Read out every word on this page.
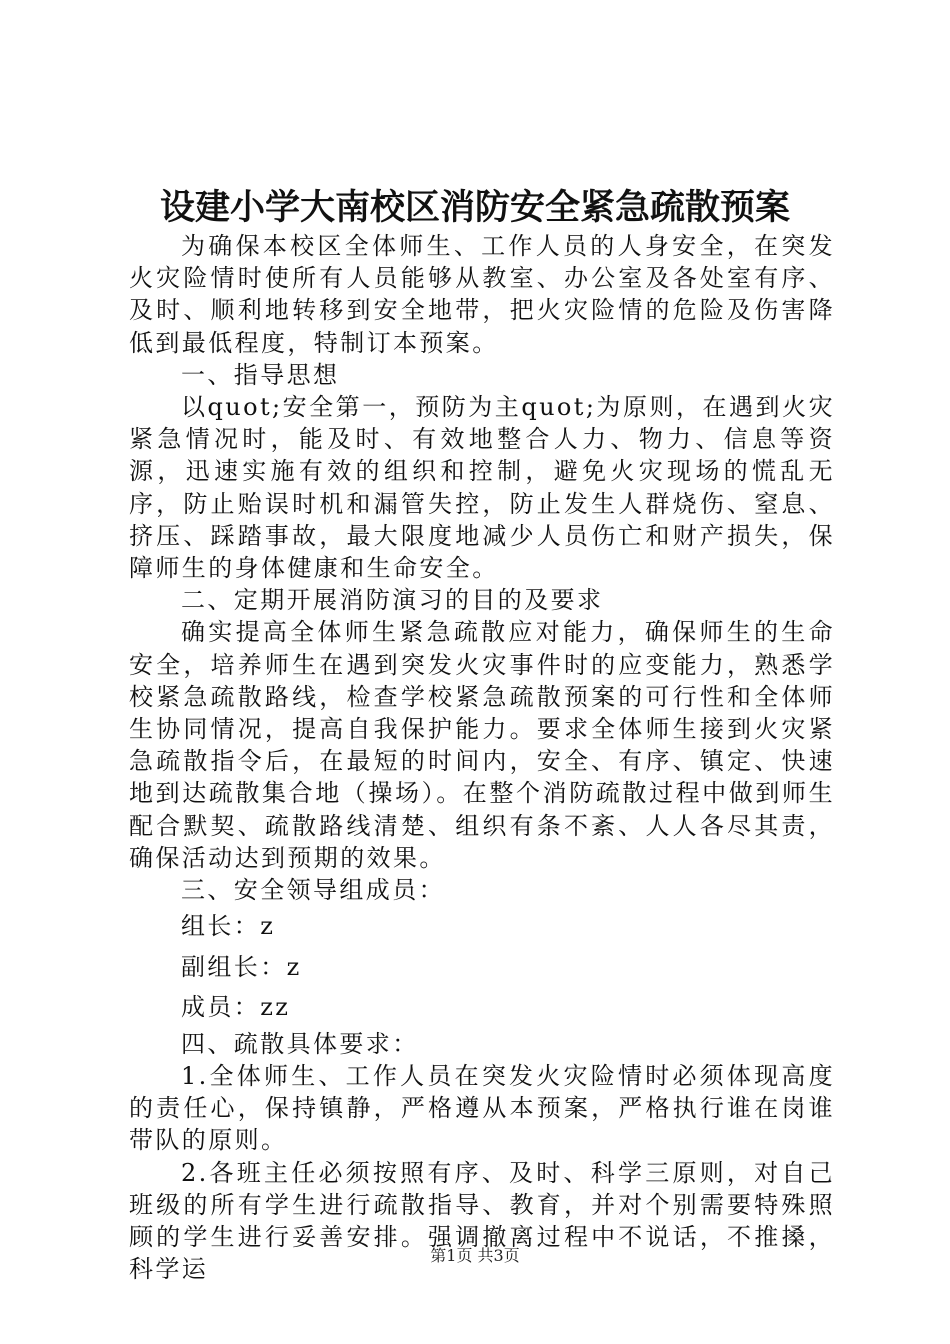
设建小学大南校区消防安全紧急疏散预案

为确保本校区全体师生、工作人员的人身安全，在突发火灾险情时使所有人员能够从教室、办公室及各处室有序、及时、顺利地转移到安全地带，把火灾险情的危险及伤害降低到最低程度，特制订本预案。

一、指导思想

以quot;安全第一，预防为主quot;为原则，在遇到火灾紧急情况时，能及时、有效地整合人力、物力、信息等资源，迅速实施有效的组织和控制，避免火灾现场的慌乱无序，防止贻误时机和漏管失控，防止发生人群烧伤、窒息、挤压、踩踏事故，最大限度地减少人员伤亡和财产损失，保障师生的身体健康和生命安全。

二、定期开展消防演习的目的及要求

确实提高全体师生紧急疏散应对能力，确保师生的生命安全，培养师生在遇到突发火灾事件时的应变能力，熟悉学校紧急疏散路线，检查学校紧急疏散预案的可行性和全体师生协同情况，提高自我保护能力。要求全体师生接到火灾紧急疏散指令后，在最短的时间内，安全、有序、镇定、快速地到达疏散集合地（操场）。在整个消防疏散过程中做到师生配合默契、疏散路线清楚、组织有条不紊、人人各尽其责，确保活动达到预期的效果。

三、安全领导组成员：

组长：z

副组长：z

成员：zz

四、疏散具体要求：

1.全体师生、工作人员在突发火灾险情时必须体现高度的责任心，保持镇静，严格遵从本预案，严格执行谁在岗谁带队的原则。

2.各班主任必须按照有序、及时、科学三原则，对自己班级的所有学生进行疏散指导、教育，并对个别需要特殊照顾的学生进行妥善安排。强调撤离过程中不说话，不推搡，科学运	第1页 共3页
